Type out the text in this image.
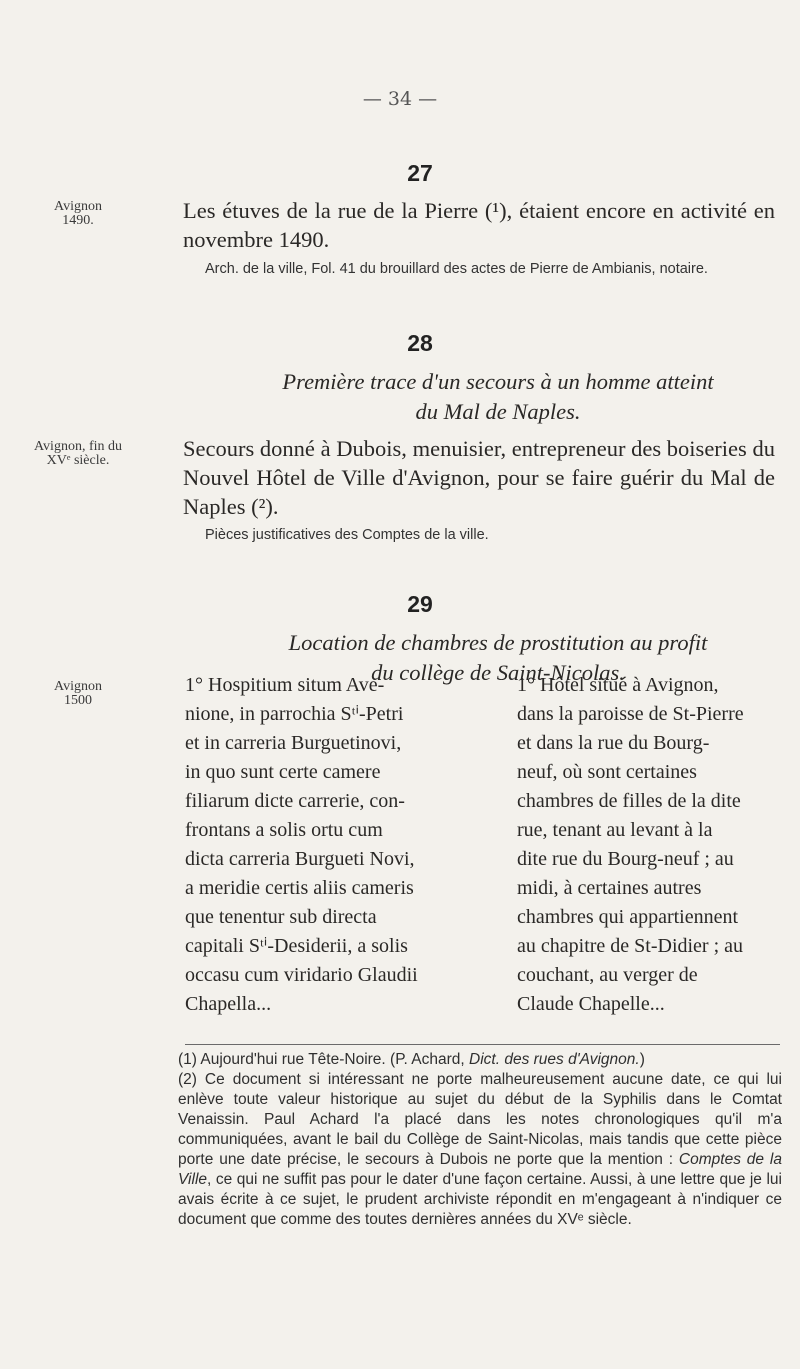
— 34 —
27
Avignon
1490.	Les étuves de la rue de la Pierre (¹), étaient encore en activité en novembre 1490.

Arch. de la ville, Fol. 41 du brouillard des actes de Pierre de Ambianis, notaire.

28

Première trace d'un secours à un homme atteint
du Mal de Naples.

Avignon, fin du
XVᵉ siècle.	Secours donné à Dubois, menuisier, entrepreneur des boiseries du Nouvel Hôtel de Ville d'Avignon, pour se faire guérir du Mal de Naples (²).

Pièces justificatives des Comptes de la ville.

29

Location de chambres de prostitution au profit
du collège de Saint-Nicolas.

Avignon
1500
1° Hospitium situm Ave-
nione, in parrochia Sᵗⁱ-Petri
et in carreria Burguetinovi,
in quo sunt certe camere
filiarum dicte carrerie, con-
frontans a solis ortu cum
dicta carreria Burgueti Novi,
a meridie certis aliis cameris
que tenentur sub directa
capitali Sᵗⁱ-Desiderii, a solis
occasu cum viridario Glaudii
Chapella...
1° Hôtel situé à Avignon,
dans la paroisse de St-Pierre
et dans la rue du Bourg-
neuf, où sont certaines
chambres de filles de la dite
rue, tenant au levant à la
dite rue du Bourg-neuf ; au
midi, à certaines autres
chambres qui appartiennent
au chapitre de St-Didier ; au
couchant, au verger de
Claude Chapelle...

(1) Aujourd'hui rue Tête-Noire. (P. Achard, Dict. des rues d'Avignon.)

(2) Ce document si intéressant ne porte malheureusement aucune date, ce qui lui enlève toute valeur historique au sujet du début de la Syphilis dans le Comtat Venaissin. Paul Achard l'a placé dans les notes chronologiques qu'il m'a communiquées, avant le bail du Collège de Saint-Nicolas, mais tandis que cette pièce porte une date précise, le secours à Dubois ne porte que la mention : Comptes de la Ville, ce qui ne suffit pas pour le dater d'une façon certaine. Aussi, à une lettre que je lui avais écrite à ce sujet, le prudent archiviste répondit en m'engageant à n'indiquer ce document que comme des toutes dernières années du XVᵉ siècle.
